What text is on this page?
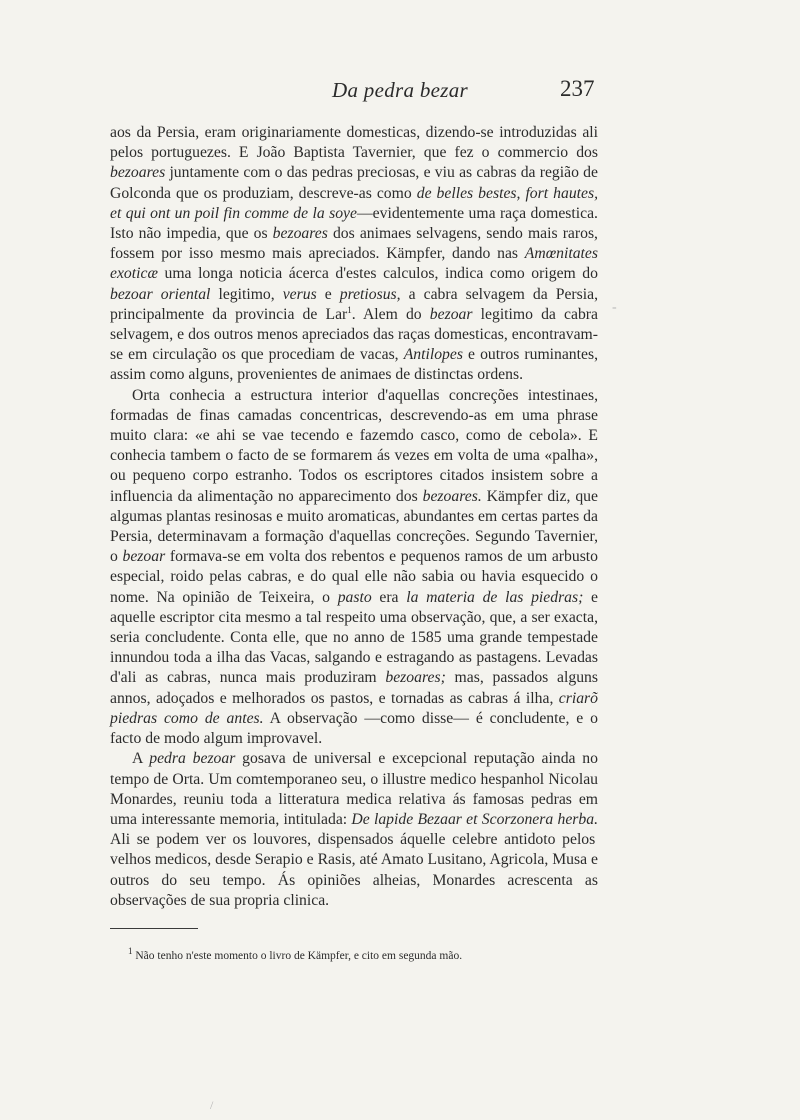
Da pedra bezar	237

aos da Persia, eram originariamente domesticas, dizendo-se introduzidas ali pelos portuguezes. E João Baptista Tavernier, que fez o commercio dos bezoares juntamente com o das pedras preciosas, e viu as cabras da região de Golconda que os produziam, descreve-as como de belles bestes, fort hautes, et qui ont un poil fin comme de la soye—evidentemente uma raça domestica. Isto não impedia, que os bezoares dos animaes selvagens, sendo mais raros, fossem por isso mesmo mais apreciados. Kämpfer, dando nas Amœnitates exoticæ uma longa noticia ácerca d'estes calculos, indica como origem do bezoar oriental legitimo, verus e pretiosus, a cabra selvagem da Persia, principalmente da provincia de Lar$^1$. Alem do bezoar legitimo da cabra selvagem, e dos outros menos apreciados das raças domesticas, encontravam-se em circulação os que procediam de vacas, Antilopes e outros ruminantes, assim como alguns, provenientes de animaes de distinctas ordens.

Orta conhecia a estructura interior d'aquellas concreções intestinaes, formadas de finas camadas concentricas, descrevendo-as em uma phrase muito clara: «e ahi se vae tecendo e fazemdo casco, como de cebola». E conhecia tambem o facto de se formarem ás vezes em volta de uma «palha», ou pequeno corpo estranho. Todos os escriptores citados insistem sobre a influencia da alimentação no apparecimento dos bezoares. Kämpfer diz, que algumas plantas resinosas e muito aromaticas, abundantes em certas partes da Persia, determinavam a formação d'aquellas concreções. Segundo Tavernier, o bezoar formava-se em volta dos rebentos e pequenos ramos de um arbusto especial, roido pelas cabras, e do qual elle não sabia ou havia esquecido o nome. Na opinião de Teixeira, o pasto era la materia de las piedras; e aquelle escriptor cita mesmo a tal respeito uma observação, que, a ser exacta, seria concludente. Conta elle, que no anno de 1585 uma grande tempestade innundou toda a ilha das Vacas, salgando e estragando as pastagens. Levadas d'ali as cabras, nunca mais produziram bezoares; mas, passados alguns annos, adoçados e melhorados os pastos, e tornadas as cabras á ilha, criarõ piedras como de antes. A observação —como disse— é concludente, e o facto de modo algum improvavel.

A pedra bezoar gosava de universal e excepcional reputação ainda no tempo de Orta. Um comtemporaneo seu, o illustre medico hespanhol Nicolau Monardes, reuniu toda a litteratura medica relativa ás famosas pedras em uma interessante memoria, intitulada: De lapide Bezaar et Scorzonera herba. Ali se podem ver os louvores, dispensados áquelle celebre antidoto pelos velhos medicos, desde Serapio e Rasis, até Amato Lusitano, Agricola, Musa e outros do seu tempo. Ás opiniões alheias, Monardes acrescenta as observações de sua propria clinica.

$^1$ Não tenho n'este momento o livro de Kämpfer, e cito em segunda mão.
-
/
